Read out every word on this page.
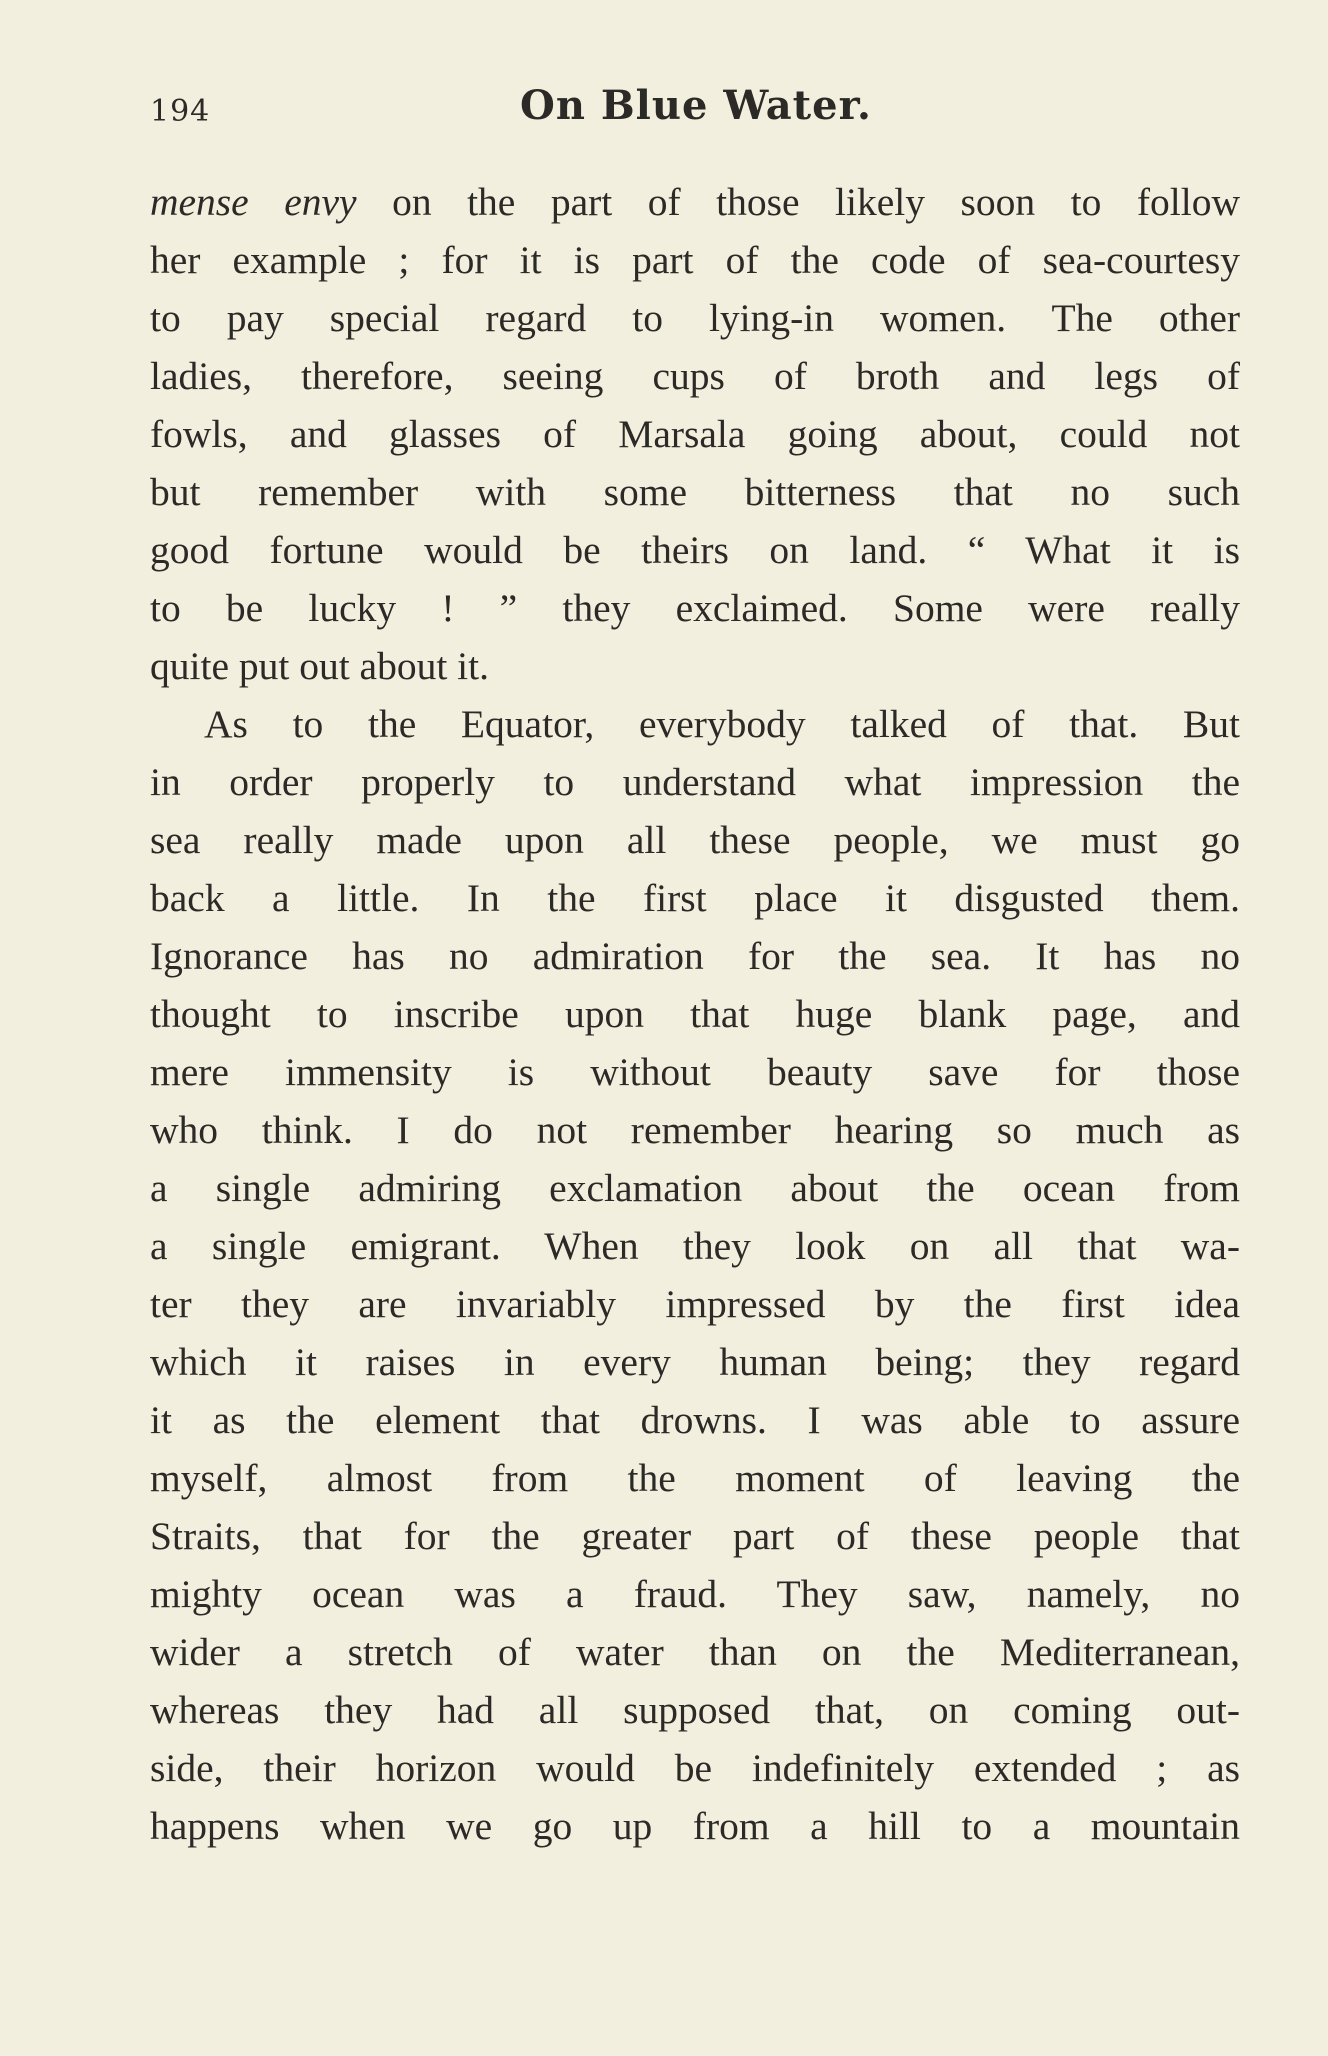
194	On Blue Water.
mense envy on the part of those likely soon to follow
her example ; for it is part of the code of sea-courtesy
to pay special regard to lying-in women. The other
ladies, therefore, seeing cups of broth and legs of
fowls, and glasses of Marsala going about, could not
but remember with some bitterness that no such
good fortune would be theirs on land. “ What it is
to be lucky ! ” they exclaimed. Some were really
quite put out about it.
As to the Equator, everybody talked of that. But
in order properly to understand what impression the
sea really made upon all these people, we must go
back a little. In the first place it disgusted them.
Ignorance has no admiration for the sea. It has no
thought to inscribe upon that huge blank page, and
mere immensity is without beauty save for those
who think. I do not remember hearing so much as
a single admiring exclamation about the ocean from
a single emigrant. When they look on all that wa-
ter they are invariably impressed by the first idea
which it raises in every human being; they regard
it as the element that drowns. I was able to assure
myself, almost from the moment of leaving the
Straits, that for the greater part of these people that
mighty ocean was a fraud. They saw, namely, no
wider a stretch of water than on the Mediterranean,
whereas they had all supposed that, on coming out-
side, their horizon would be indefinitely extended ; as
happens when we go up from a hill to a mountain
